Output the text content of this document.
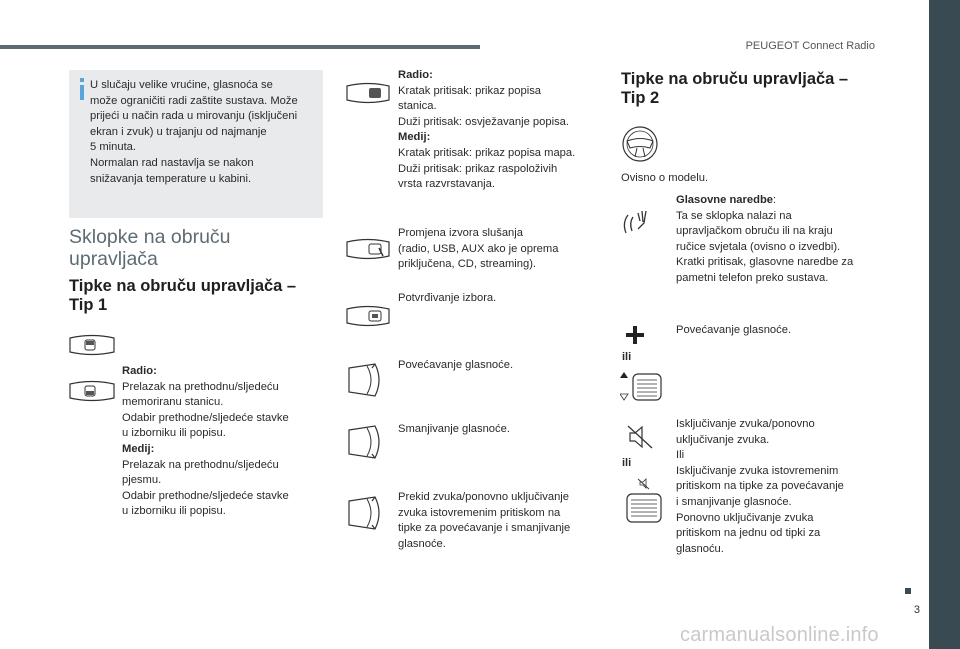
PEUGEOT Connect Radio
3
carmanualsonline.info
U slučaju velike vrućine, glasnoća se
može ograničiti radi zaštite sustava. Može
prijeći u način rada u mirovanju (isključeni
ekran i zvuk) u trajanju od najmanje
5 minuta.
Normalan rad nastavlja se nakon
snižavanja temperature u kabini.
Sklopke na obruču
upravljača
Tipke na obruču upravljača –
Tip 1
Radio:
Prelazak na prethodnu/sljedeću
memoriranu stanicu.
Odabir prethodne/sljedeće stavke
u izborniku ili popisu.
Medij:
Prelazak na prethodnu/sljedeću
pjesmu.
Odabir prethodne/sljedeće stavke
u izborniku ili popisu.
Radio:
Kratak pritisak: prikaz popisa
stanica.
Duži pritisak: osvježavanje popisa.
Medij:
Kratak pritisak: prikaz popisa mapa.
Duži pritisak: prikaz raspoloživih
vrsta razvrstavanja.
Promjena izvora slušanja
(radio, USB, AUX ako je oprema
priključena, CD, streaming).
Potvrđivanje izbora.
Povećavanje glasnoće.
Smanjivanje glasnoće.
Prekid zvuka/ponovno uključivanje
zvuka istovremenim pritiskom na
tipke za povećavanje i smanjivanje
glasnoće.
Tipke na obruču upravljača –
Tip 2
Ovisno o modelu.
Glasovne naredbe:
Ta se sklopka nalazi na
upravljačkom obruču ili na kraju
ručice svjetala (ovisno o izvedbi).
Kratki pritisak, glasovne naredbe za
pametni telefon preko sustava.
ili
Povećavanje glasnoće.
ili
Isključivanje zvuka/ponovno
uključivanje zvuka.
Ili
Isključivanje zvuka istovremenim
pritiskom na tipke za povećavanje
i smanjivanje glasnoće.
Ponovno uključivanje zvuka
pritiskom na jednu od tipki za
glasnoću.
